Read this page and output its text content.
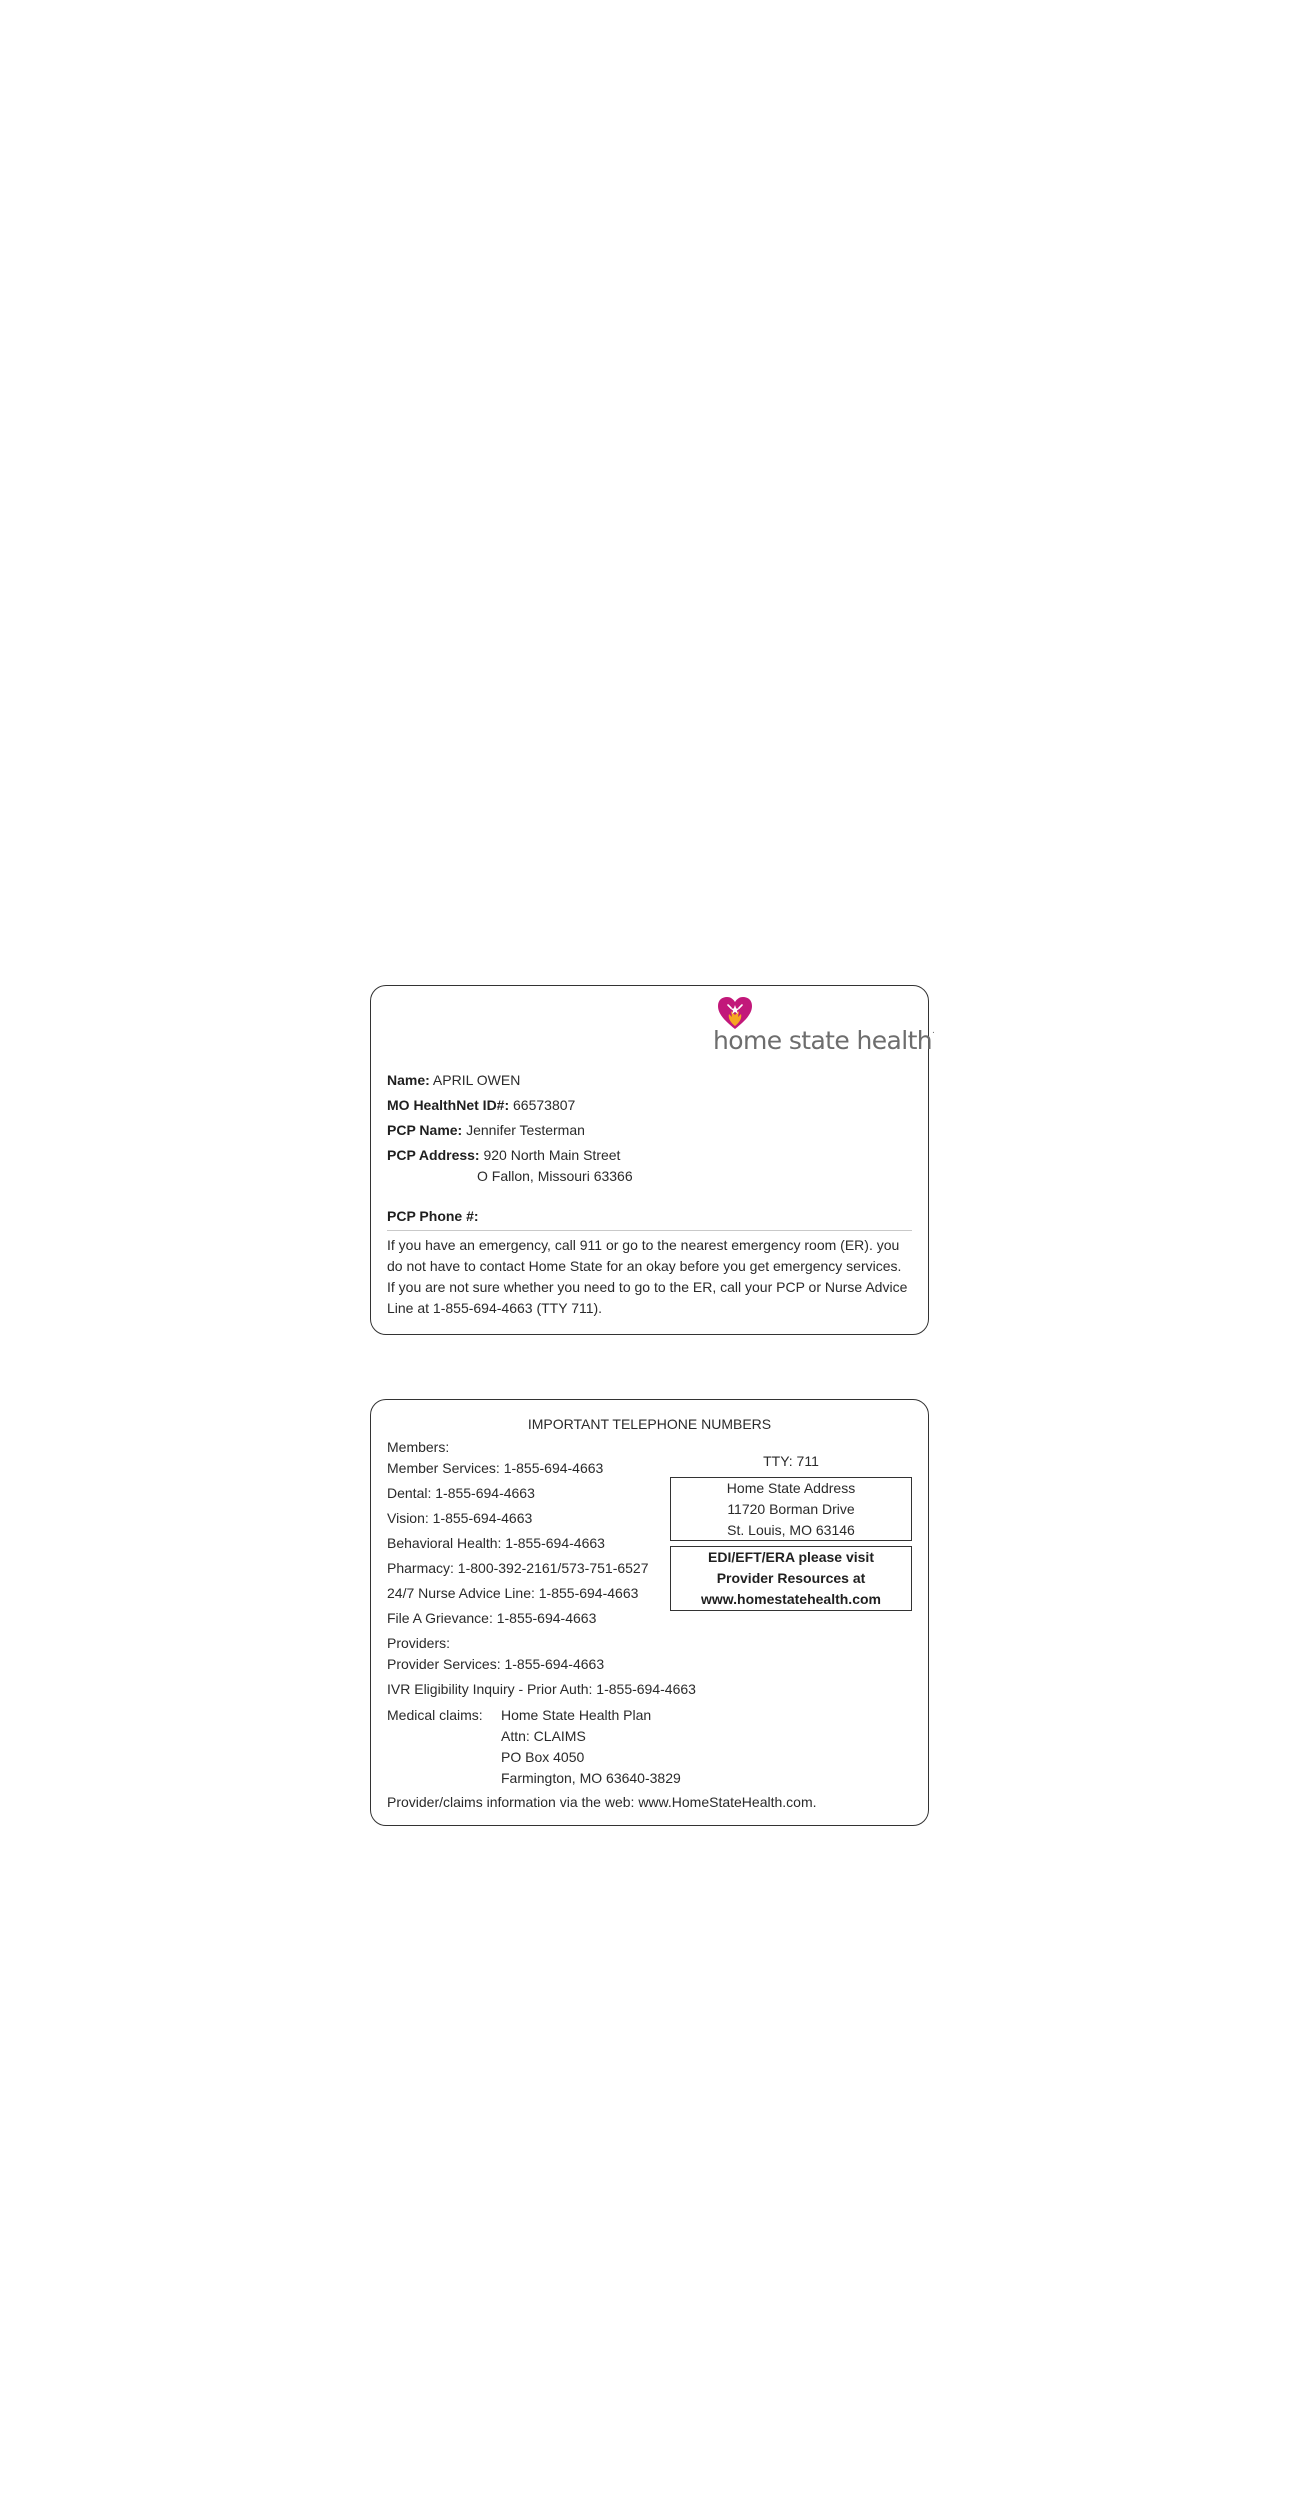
home state health.
Name: APRIL OWEN
MO HealthNet ID#: 66573807
PCP Name: Jennifer Testerman
PCP Address: 920 North Main Street
O Fallon, Missouri 63366
PCP Phone #:
If you have an emergency, call 911 or go to the nearest emergency room (ER). you do not have to contact Home State for an okay before you get emergency services. If you are not sure whether you need to go to the ER, call your PCP or Nurse Advice Line at 1-855-694-4663 (TTY 711).
IMPORTANT TELEPHONE NUMBERS
Members:
Member Services: 1-855-694-4663
Dental: 1-855-694-4663
Vision: 1-855-694-4663
Behavioral Health: 1-855-694-4663
Pharmacy: 1-800-392-2161/573-751-6527
24/7 Nurse Advice Line: 1-855-694-4663
File A Grievance: 1-855-694-4663
Providers:
Provider Services: 1-855-694-4663
IVR Eligibility Inquiry - Prior Auth: 1-855-694-4663
Medical claims: Home State Health Plan
Attn: CLAIMS
PO Box 4050
Farmington, MO 63640-3829
Provider/claims information via the web: www.HomeStateHealth.com.
TTY: 711
Home State Address
11720 Borman Drive
St. Louis, MO 63146
EDI/EFT/ERA please visit
Provider Resources at
www.homestatehealth.com
